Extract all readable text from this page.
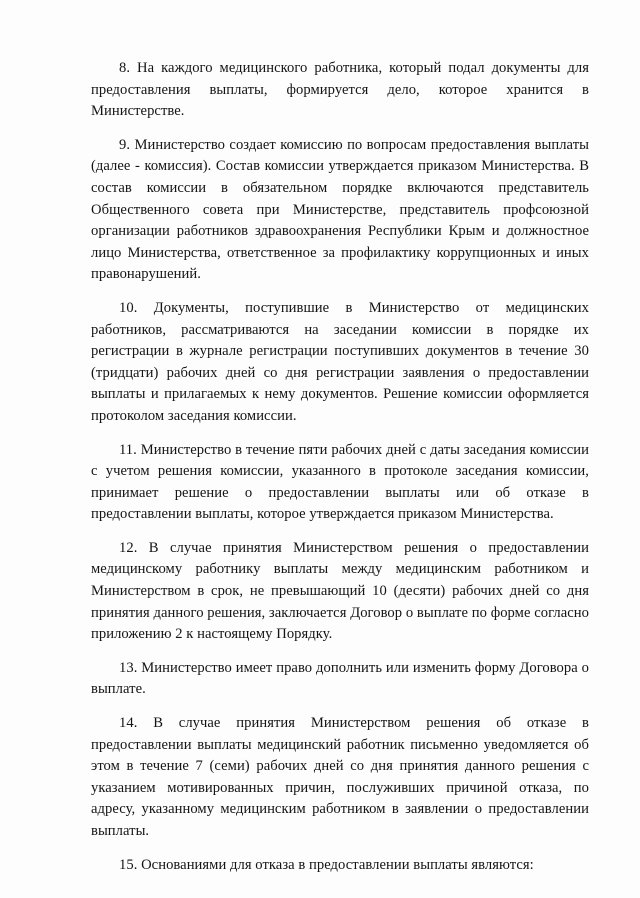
8. На каждого медицинского работника, который подал документы для предоставления выплаты, формируется дело, которое хранится в Министерстве.

9. Министерство создает комиссию по вопросам предоставления выплаты (далее - комиссия). Состав комиссии утверждается приказом Министерства. В состав комиссии в обязательном порядке включаются представитель Общественного совета при Министерстве, представитель профсоюзной организации работников здравоохранения Республики Крым и должностное лицо Министерства, ответственное за профилактику коррупционных и иных правонарушений.

10. Документы, поступившие в Министерство от медицинских работников, рассматриваются на заседании комиссии в порядке их регистрации в журнале регистрации поступивших документов в течение 30 (тридцати) рабочих дней со дня регистрации заявления о предоставлении выплаты и прилагаемых к нему документов. Решение комиссии оформляется протоколом заседания комиссии.

11. Министерство в течение пяти рабочих дней с даты заседания комиссии с учетом решения комиссии, указанного в протоколе заседания комиссии, принимает решение о предоставлении выплаты или об отказе в предоставлении выплаты, которое утверждается приказом Министерства.

12. В случае принятия Министерством решения о предоставлении медицинскому работнику выплаты между медицинским работником и Министерством в срок, не превышающий 10 (десяти) рабочих дней со дня принятия данного решения, заключается Договор о выплате по форме согласно приложению 2 к настоящему Порядку.

13. Министерство имеет право дополнить или изменить форму Договора о выплате.

14. В случае принятия Министерством решения об отказе в предоставлении выплаты медицинский работник письменно уведомляется об этом в течение 7 (семи) рабочих дней со дня принятия данного решения с указанием мотивированных причин, послуживших причиной отказа, по адресу, указанному медицинским работником в заявлении о предоставлении выплаты.

15. Основаниями для отказа в предоставлении выплаты являются:
